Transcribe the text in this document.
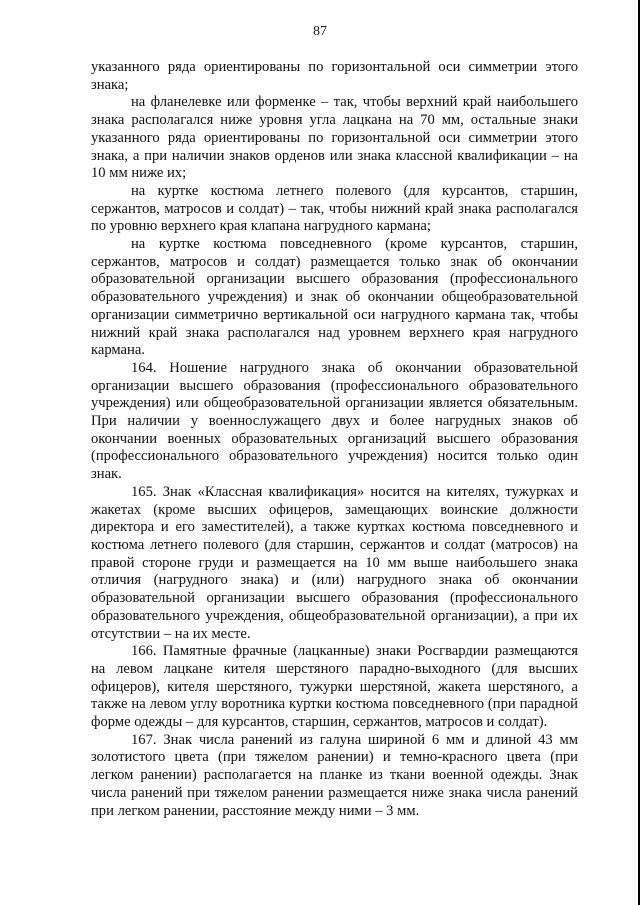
87

указанного ряда ориентированы по горизонтальной оси симметрии этого знака;

на фланелевке или форменке – так, чтобы верхний край наибольшего знака располагался ниже уровня угла лацкана на 70 мм, остальные знаки указанного ряда ориентированы по горизонтальной оси симметрии этого знака, а при наличии знаков орденов или знака классной квалификации – на 10 мм ниже их;

на куртке костюма летнего полевого (для курсантов, старшин, сержантов, матросов и солдат) – так, чтобы нижний край знака располагался по уровню верхнего края клапана нагрудного кармана;

на куртке костюма повседневного (кроме курсантов, старшин, сержантов, матросов и солдат) размещается только знак об окончании образовательной организации высшего образования (профессионального образовательного учреждения) и знак об окончании общеобразовательной организации симметрично вертикальной оси нагрудного кармана так, чтобы нижний край знака располагался над уровнем верхнего края нагрудного кармана.

164. Ношение нагрудного знака об окончании образовательной организации высшего образования (профессионального образовательного учреждения) или общеобразовательной организации является обязательным. При наличии у военнослужащего двух и более нагрудных знаков об окончании военных образовательных организаций высшего образования (профессионального образовательного учреждения) носится только один знак.

165. Знак «Классная квалификация» носится на кителях, тужурках и жакетах (кроме высших офицеров, замещающих воинские должности директора и его заместителей), а также куртках костюма повседневного и костюма летнего полевого (для старшин, сержантов и солдат (матросов) на правой стороне груди и размещается на 10 мм выше наибольшего знака отличия (нагрудного знака) и (или) нагрудного знака об окончании образовательной организации высшего образования (профессионального образовательного учреждения, общеобразовательной организации), а при их отсутствии – на их месте.

166. Памятные фрачные (лацканные) знаки Росгвардии размещаются на левом лацкане кителя шерстяного парадно-выходного (для высших офицеров), кителя шерстяного, тужурки шерстяной, жакета шерстяного, а также на левом углу воротника куртки костюма повседневного (при парадной форме одежды – для курсантов, старшин, сержантов, матросов и солдат).

167. Знак числа ранений из галуна шириной 6 мм и длиной 43 мм золотистого цвета (при тяжелом ранении) и темно-красного цвета (при легком ранении) располагается на планке из ткани военной одежды. Знак числа ранений при тяжелом ранении размещается ниже знака числа ранений при легком ранении, расстояние между ними – 3 мм.
